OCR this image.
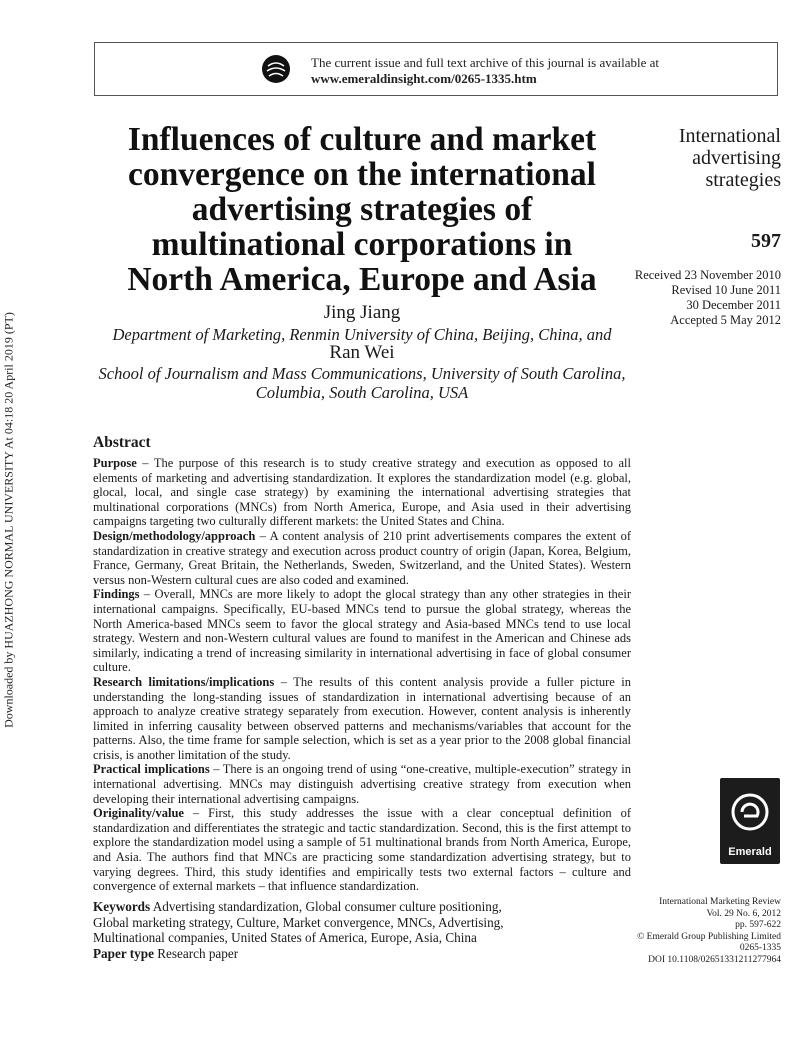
The current issue and full text archive of this journal is available at
www.emeraldinsight.com/0265-1335.htm
Downloaded by HUAZHONG NORMAL UNIVERSITY At 04:18 20 April 2019 (PT)
Influences of culture and market
convergence on the international
advertising strategies of
multinational corporations in
North America, Europe and Asia
Jing Jiang
Department of Marketing, Renmin University of China, Beijing, China, and
Ran Wei
School of Journalism and Mass Communications, University of South Carolina,
Columbia, South Carolina, USA
International
advertising
strategies
597
Received 23 November 2010
Revised 10 June 2011
30 December 2011
Accepted 5 May 2012
Abstract

Purpose – The purpose of this research is to study creative strategy and execution as opposed to all elements of marketing and advertising standardization. It explores the standardization model (e.g. global, glocal, local, and single case strategy) by examining the international advertising strategies that multinational corporations (MNCs) from North America, Europe, and Asia used in their advertising campaigns targeting two culturally different markets: the United States and China.

Design/methodology/approach – A content analysis of 210 print advertisements compares the extent of standardization in creative strategy and execution across product country of origin (Japan, Korea, Belgium, France, Germany, Great Britain, the Netherlands, Sweden, Switzerland, and the United States). Western versus non-Western cultural cues are also coded and examined.

Findings – Overall, MNCs are more likely to adopt the glocal strategy than any other strategies in their international campaigns. Specifically, EU-based MNCs tend to pursue the global strategy, whereas the North America-based MNCs seem to favor the glocal strategy and Asia-based MNCs tend to use local strategy. Western and non-Western cultural values are found to manifest in the American and Chinese ads similarly, indicating a trend of increasing similarity in international advertising in face of global consumer culture.

Research limitations/implications – The results of this content analysis provide a fuller picture in understanding the long-standing issues of standardization in international advertising because of an approach to analyze creative strategy separately from execution. However, content analysis is inherently limited in inferring causality between observed patterns and mechanisms/variables that account for the patterns. Also, the time frame for sample selection, which is set as a year prior to the 2008 global financial crisis, is another limitation of the study.

Practical implications – There is an ongoing trend of using “one-creative, multiple-execution” strategy in international advertising. MNCs may distinguish advertising creative strategy from execution when developing their international advertising campaigns.

Originality/value – First, this study addresses the issue with a clear conceptual definition of standardization and differentiates the strategic and tactic standardization. Second, this is the first attempt to explore the standardization model using a sample of 51 multinational brands from North America, Europe, and Asia. The authors find that MNCs are practicing some standardization advertising strategy, but to varying degrees. Third, this study identifies and empirically tests two external factors – culture and convergence of external markets – that influence standardization.

Keywords Advertising standardization, Global consumer culture positioning,
Global marketing strategy, Culture, Market convergence, MNCs, Advertising,
Multinational companies, United States of America, Europe, Asia, China
Paper type Research paper
Emerald
International Marketing Review
Vol. 29 No. 6, 2012
pp. 597-622
© Emerald Group Publishing Limited
0265-1335
DOI 10.1108/02651331211277964
